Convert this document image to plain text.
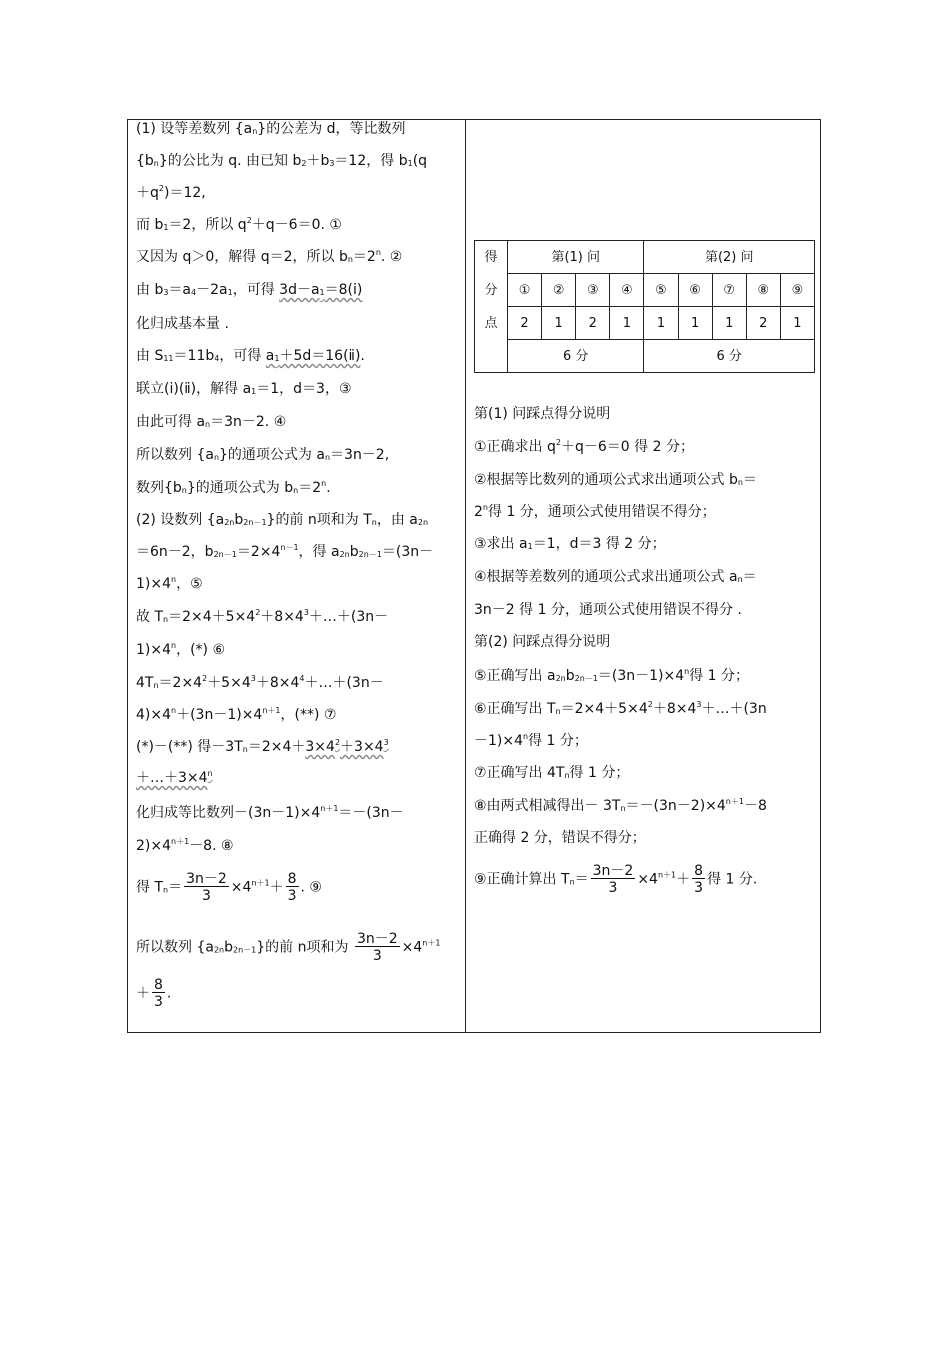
(1) 设等差数列 $\{a_n\}$的公差为 d，等比数列
$\{b_n\}$的公比为 q. 由已知 $b_2+b_3=12$，得 $b_1(q$
$+q^2)=12$,
而 $b_1=2$，所以 $q^2+q-6=0$. ①
又因为 q＞0，解得 q＝2，所以 $b_n=2^n$. ②
由 $b_3=a_4-2a_1$，可得 $3d-a_1=8(ⅰ)$
化归成基本量 .
由 $S_{11}=11b_4$，可得 $a_1+5d=16(ⅱ)$.
联立(ⅰ)(ⅱ)，解得 $a_1=1$，d＝3，③
由此可得 $a_n=3n-2$. ④
所以数列 $\{a_n\}$的通项公式为 $a_n=3n-2$,
数列$\{b_n\}$的通项公式为 $b_n=2^n$.
(2) 设数列 $\{a_{2n}b_{2n-1}\}$的前 n项和为 $T_n$，由 $a_{2n}$
＝6n－2，$b_{2n-1}=2\times 4^{n-1}$，得 $a_{2n}b_{2n-1}=(3n-$
$1)\times 4^n$，⑤
故 $T_n=2\times 4+5\times 4^2+8\times 4^3+\dots+(3n-$
$1)\times 4^n$，(*) ⑥
$4T_n=2\times 4^2+5\times 4^3+8\times 4^4+\dots+(3n-$
$4)\times 4^n+(3n-1)\times 4^{n+1}$，(**) ⑦
(*)－(**) 得$-3T_n=2\times 4+3\times 4^2+3\times 4^3$
$+\dots+3\times 4^n$
化归成等比数列$-(3n-1)\times 4^{n+1}=-(3n-$
$2)\times 4^{n+1}-8$. ⑧
得 $T_n= \frac{3n-2}{3} \times 4^{n+1}+ \frac{8}{3}$ . ⑨
所以数列 $\{a_{2n}b_{2n-1}\}$的前 n项和为 $\frac{3n-2}{3} \times 4^{n+1}$
＋ $\frac{8}{3}$ .
得	第(1) 问				第(2) 问				
分	①	②	③	④	⑤	⑥	⑦	⑧	⑨
点	2	1	2	1	1	1	1	2	1
	6 分				6 分				
第(1) 问踩点得分说明
①正确求出 $q^2+q-6=0$ 得 2 分；
②根据等比数列的通项公式求出通项公式 $b_n=$
$2^n$得 1 分，通项公式使用错误不得分；
③求出 $a_1=1$，d＝3 得 2 分；
④根据等差数列的通项公式求出通项公式 $a_n=$
3n－2 得 1 分，通项公式使用错误不得分 .
第(2) 问踩点得分说明
⑤正确写出 $a_{2n}b_{2n-1}=(3n-1)\times 4^n$得 1 分；
⑥正确写出 $T_n=2\times 4+5\times 4^2+8\times 4^3+\dots+(3n$
$-1)\times 4^n$得 1 分；
⑦正确写出 $4T_n$得 1 分；
⑧由两式相减得出－ $3T_n=-(3n-2)\times 4^{n+1}-8$
正确得 2 分，错误不得分；
⑨正确计算出 $T_n= \frac{3n-2}{3} \times 4^{n+1}+ \frac{8}{3}$ 得 1 分.
